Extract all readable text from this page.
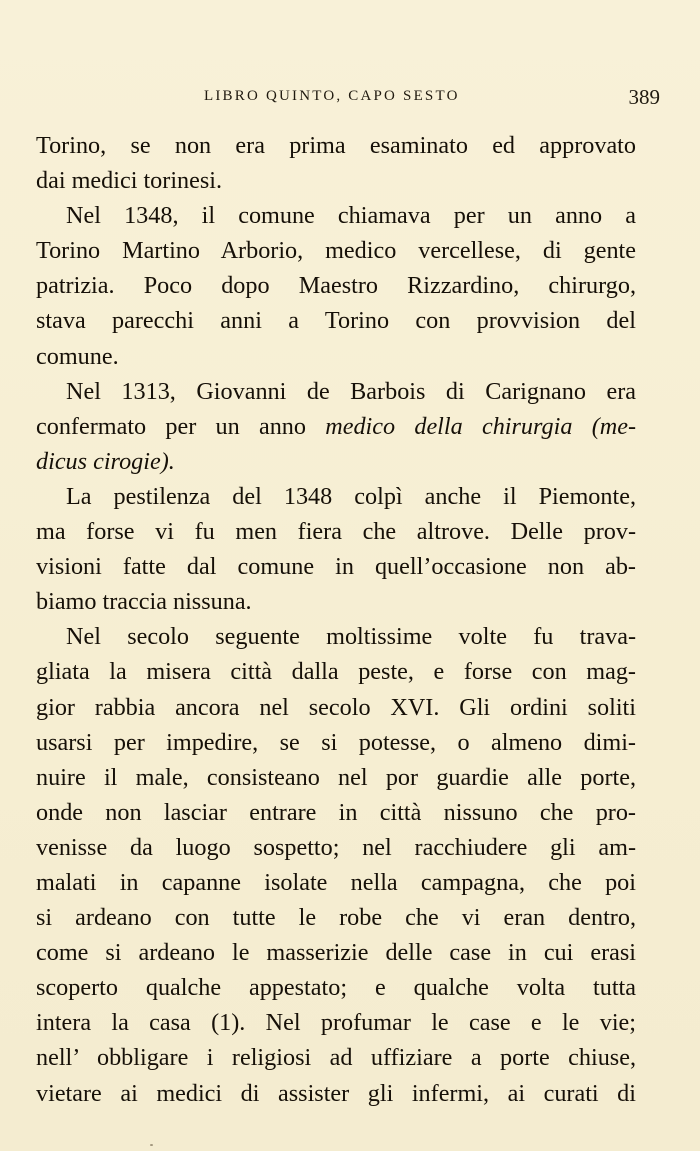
LIBRO QUINTO, CAPO SESTO	389
Torino, se non era prima esaminato ed approvato
dai medici torinesi.
Nel 1348, il comune chiamava per un anno a
Torino Martino Arborio, medico vercellese, di gente
patrizia. Poco dopo Maestro Rizzardino, chirurgo,
stava parecchi anni a Torino con provvision del
comune.
Nel 1313, Giovanni de Barbois di Carignano era
confermato per un anno medico della chirurgia (me-
dicus cirogie).
La pestilenza del 1348 colpì anche il Piemonte,
ma forse vi fu men fiera che altrove. Delle prov-
visioni fatte dal comune in quell’occasione non ab-
biamo traccia nissuna.
Nel secolo seguente moltissime volte fu trava-
gliata la misera città dalla peste, e forse con mag-
gior rabbia ancora nel secolo XVI. Gli ordini soliti
usarsi per impedire, se si potesse, o almeno dimi-
nuire il male, consisteano nel por guardie alle porte,
onde non lasciar entrare in città nissuno che pro-
venisse da luogo sospetto; nel racchiudere gli am-
malati in capanne isolate nella campagna, che poi
si ardeano con tutte le robe che vi eran dentro,
come si ardeano le masserizie delle case in cui erasi
scoperto qualche appestato; e qualche volta tutta
intera la casa (1). Nel profumar le case e le vie;
nell’ obbligare i religiosi ad uffiziare a porte chiuse,
vietare ai medici di assister gli infermi, ai curati di
